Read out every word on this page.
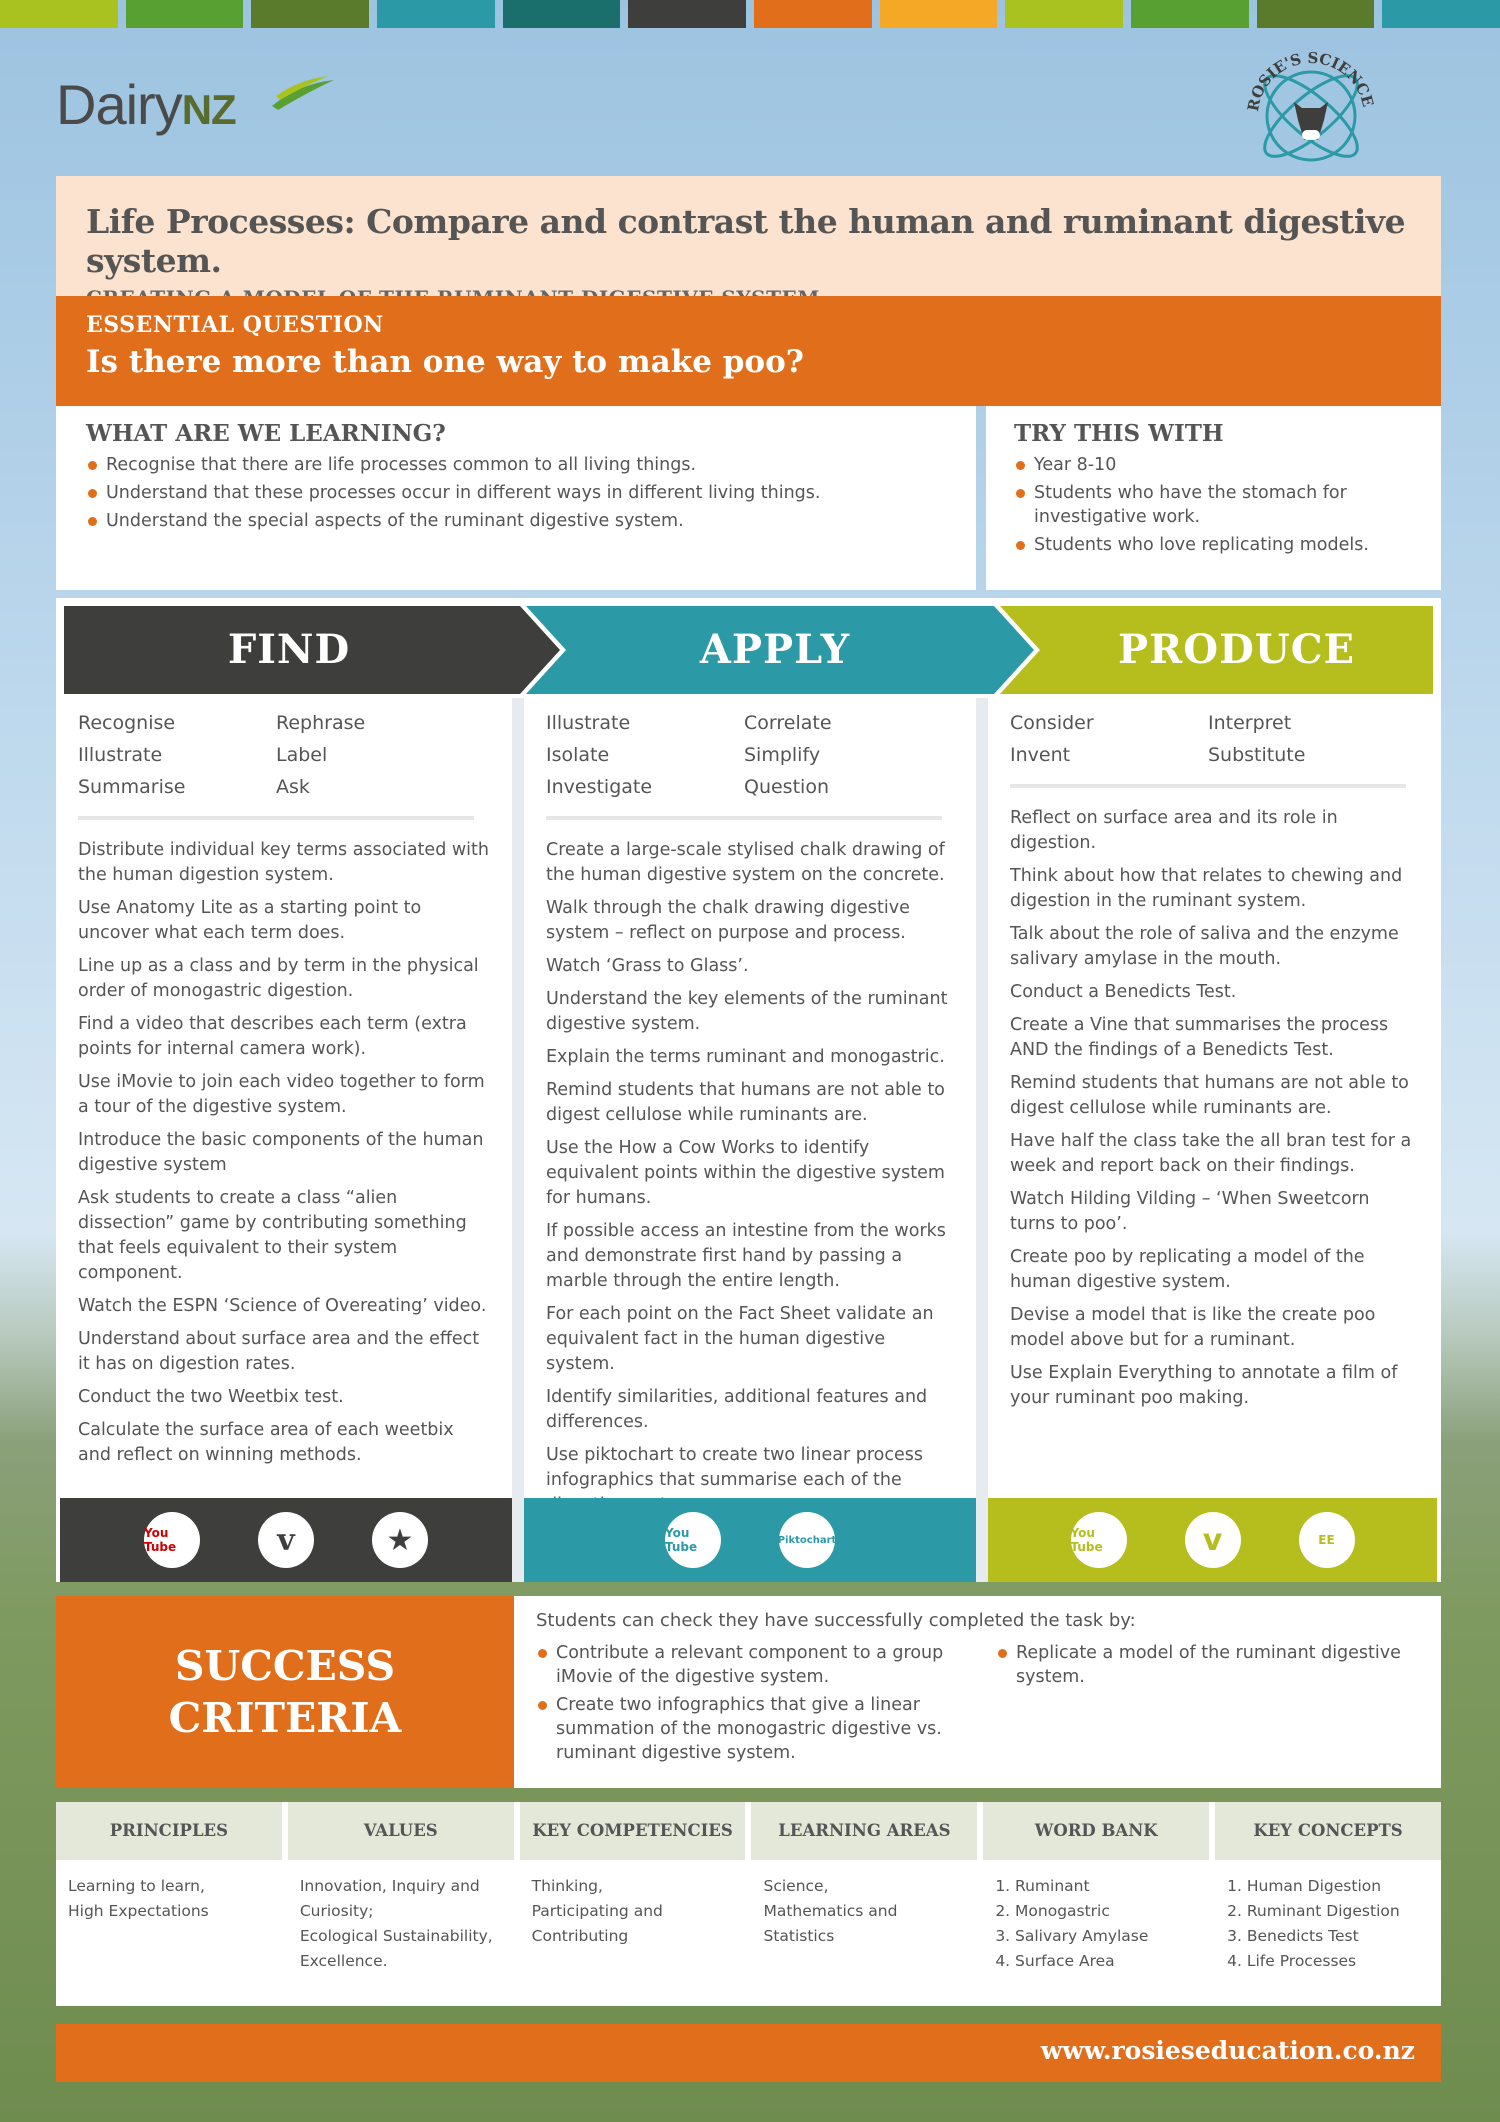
DairyNZ	ROSIE'S SCIENCE
Life Processes: Compare and contrast the human and ruminant digestive system.
ESSENTIAL QUESTION
Is there more than one way to make poo?
WHAT ARE WE LEARNING?
Recognise that there are life processes common to all living things.
Understand that these processes occur in different ways in different living things.
Understand the special aspects of the ruminant digestive system.
TRY THIS WITH
Year 8-10
Students who have the stomach for investigative work.
Students who love replicating models.
FIND	APPLY	PRODUCE
Recognise	Rephrase
Illustrate	Label
Summarise	Ask

Distribute individual key terms associated with the human digestion system.

Use Anatomy Lite as a starting point to uncover what each term does.

Line up as a class and by term in the physical order of monogastric digestion.

Find a video that describes each term (extra points for internal camera work).

Use iMovie to join each video together to form a tour of the digestive system.

Introduce the basic components of the human digestive system

Ask students to create a class “alien dissection” game by contributing something that feels equivalent to their system component.

Watch the ESPN ‘Science of Overeating’ video.

Understand about surface area and the effect it has on digestion rates.

Conduct the two Weetbix test.

Calculate the surface area of each weetbix and reflect on winning methods.

Illustrate	Correlate
Isolate	Simplify
Investigate	Question

Create a large-scale stylised chalk drawing of the human digestive system on the concrete.

Walk through the chalk drawing digestive system – reflect on purpose and process.

Watch ‘Grass to Glass’.

Understand the key elements of the ruminant digestive system.

Explain the terms ruminant and monogastric.

Remind students that humans are not able to digest cellulose while ruminants are.

Use the How a Cow Works to identify equivalent points within the digestive system for humans.

If possible access an intestine from the works and demonstrate first hand by passing a marble through the entire length.

For each point on the Fact Sheet validate an equivalent fact in the human digestive system.

Identify similarities, additional features and differences.

Use piktochart to create two linear process infographics that summarise each of the

Consider	Interpret
Invent	Substitute

Reflect on surface area and its role in digestion.

Think about how that relates to chewing and digestion in the ruminant system.

Talk about the role of saliva and the enzyme salivary amylase in the mouth.

Conduct a Benedicts Test.

Create a Vine that summarises the process AND the findings of a Benedicts Test.

Remind students that humans are not able to digest cellulose while ruminants are.

Have half the class take the all bran test for a week and report back on their findings.

Watch Hilding Vilding – ‘When Sweetcorn turns to poo’.

Create poo by replicating a model of the human digestive system.

Devise a model that is like the create poo model above but for a ruminant.

Use Explain Everything to annotate a film of your ruminant poo making.

You Tube	v	★	You Tube	Piktochart	You Tube	v	EE
SUCCESS
CRITERIA
Students can check they have successfully completed the task by:
Contribute a relevant component to a group iMovie of the digestive system.
Create two infographics that give a linear summation of the monogastric digestive vs. ruminant digestive system.
Replicate a model of the ruminant digestive system.
PRINCIPLES
Learning to learn,
High Expectations
VALUES
Innovation, Inquiry and Curiosity;
Ecological Sustainability, Excellence.
KEY COMPETENCIES
Thinking,
Participating and Contributing
LEARNING AREAS
Science,
Mathematics and Statistics
WORD BANK
1. Ruminant
2. Monogastric
3. Salivary Amylase
4. Surface Area
KEY CONCEPTS
1. Human Digestion
2. Ruminant Digestion
3. Benedicts Test
4. Life Processes
www.rosieseducation.co.nz
